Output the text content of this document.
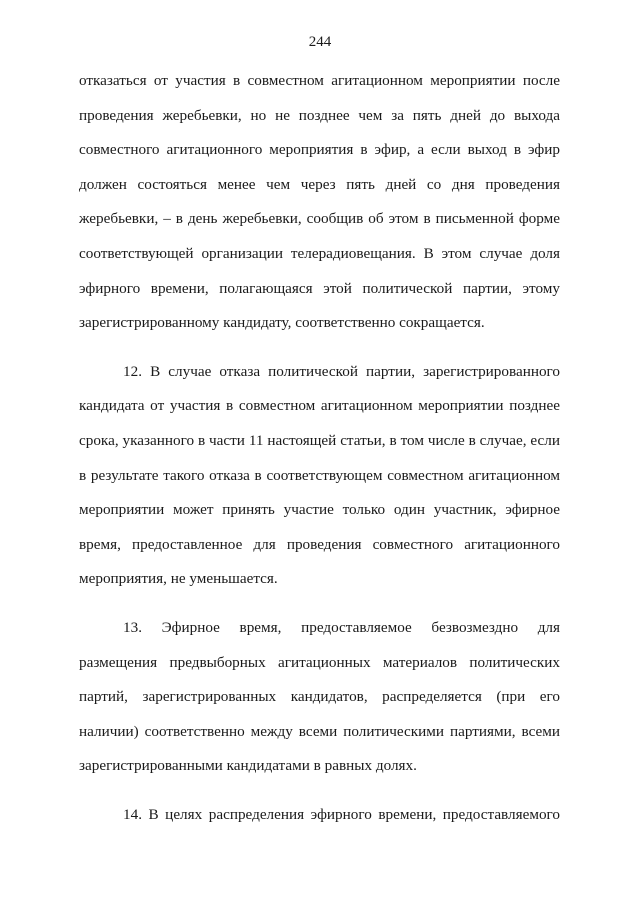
244

отказаться от участия в совместном агитационном мероприятии после проведения жеребьевки, но не позднее чем за пять дней до выхода совместного агитационного мероприятия в эфир, а если выход в эфир должен состояться менее чем через пять дней со дня проведения жеребьевки, – в день жеребьевки, сообщив об этом в письменной форме соответствующей организации телерадиовещания. В этом случае доля эфирного времени, полагающаяся этой политической партии, этому зарегистрированному кандидату, соответственно сокращается.

12. В случае отказа политической партии, зарегистрированного кандидата от участия в совместном агитационном мероприятии позднее срока, указанного в части 11 настоящей статьи, в том числе в случае, если в результате такого отказа в соответствующем совместном агитационном мероприятии может принять участие только один участник, эфирное время, предоставленное для проведения совместного агитационного мероприятия, не уменьшается.

13. Эфирное время, предоставляемое безвозмездно для размещения предвыборных агитационных материалов политических партий, зарегистрированных кандидатов, распределяется (при его наличии) соответственно между всеми политическими партиями, всеми зарегистрированными кандидатами в равных долях.

14. В целях распределения эфирного времени, предоставляемого
